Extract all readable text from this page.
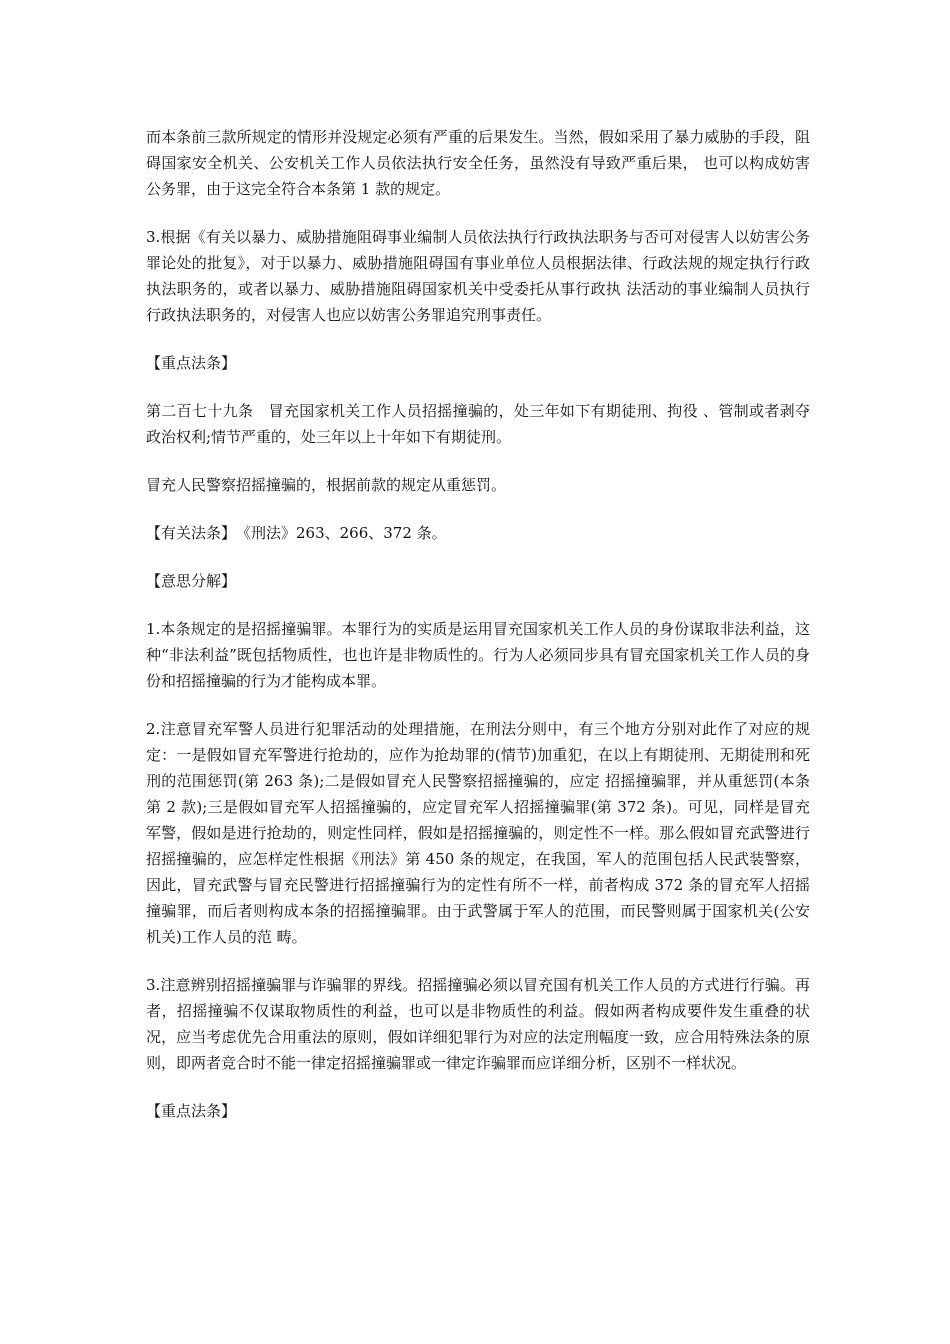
而本条前三款所规定的情形并没规定必须有严重的后果发生。当然，假如采用了暴力威胁的手段，阻碍国家安全机关、公安机关工作人员依法执行安全任务，虽然没有导致严重后果， 也可以构成妨害公务罪，由于这完全符合本条第 1 款的规定。

3.根据《有关以暴力、威胁措施阻碍事业编制人员依法执行行政执法职务与否可对侵害人以妨害公务罪论处的批复》，对于以暴力、威胁措施阻碍国有事业单位人员根据法律、行政法规的规定执行行政执法职务的，或者以暴力、威胁措施阻碍国家机关中受委托从事行政执 法活动的事业编制人员执行行政执法职务的，对侵害人也应以妨害公务罪追究刑事责任。

【重点法条】

第二百七十九条　冒充国家机关工作人员招摇撞骗的，处三年如下有期徒刑、拘役 、管制或者剥夺政治权利;情节严重的，处三年以上十年如下有期徒刑。

冒充人民警察招摇撞骗的，根据前款的规定从重惩罚。

【有关法条】　《刑法》263、266、372 条。

【意思分解】

1.本条规定的是招摇撞骗罪。本罪行为的实质是运用冒充国家机关工作人员的身份谋取非法利益，这种“非法利益”既包括物质性，也也许是非物质性的。行为人必须同步具有冒充国家机关工作人员的身份和招摇撞骗的行为才能构成本罪。

2.注意冒充军警人员进行犯罪活动的处理措施，在刑法分则中，有三个地方分别对此作了对应的规定：一是假如冒充军警进行抢劫的，应作为抢劫罪的(情节)加重犯，在以上有期徒刑、无期徒刑和死刑的范围惩罚(第 263 条);二是假如冒充人民警察招摇撞骗的，应定 招摇撞骗罪，并从重惩罚(本条第 2 款);三是假如冒充军人招摇撞骗的，应定冒充军人招摇撞骗罪(第 372 条)。可见，同样是冒充军警，假如是进行抢劫的，则定性同样，假如是招摇撞骗的，则定性不一样。那么假如冒充武警进行招摇撞骗的，应怎样定性根据《刑法》第 450 条的规定，在我国，军人的范围包括人民武装警察，因此，冒充武警与冒充民警进行招摇撞骗行为的定性有所不一样，前者构成 372 条的冒充军人招摇撞骗罪，而后者则构成本条的招摇撞骗罪。由于武警属于军人的范围，而民警则属于国家机关(公安机关)工作人员的范 畴。

3.注意辨别招摇撞骗罪与诈骗罪的界线。招摇撞骗必须以冒充国有机关工作人员的方式进行行骗。再者，招摇撞骗不仅谋取物质性的利益，也可以是非物质性的利益。假如两者构成要件发生重叠的状况，应当考虑优先合用重法的原则，假如详细犯罪行为对应的法定刑幅度一致，应合用特殊法条的原则，即两者竞合时不能一律定招摇撞骗罪或一律定诈骗罪而应详细分析，区别不一样状况。

【重点法条】
